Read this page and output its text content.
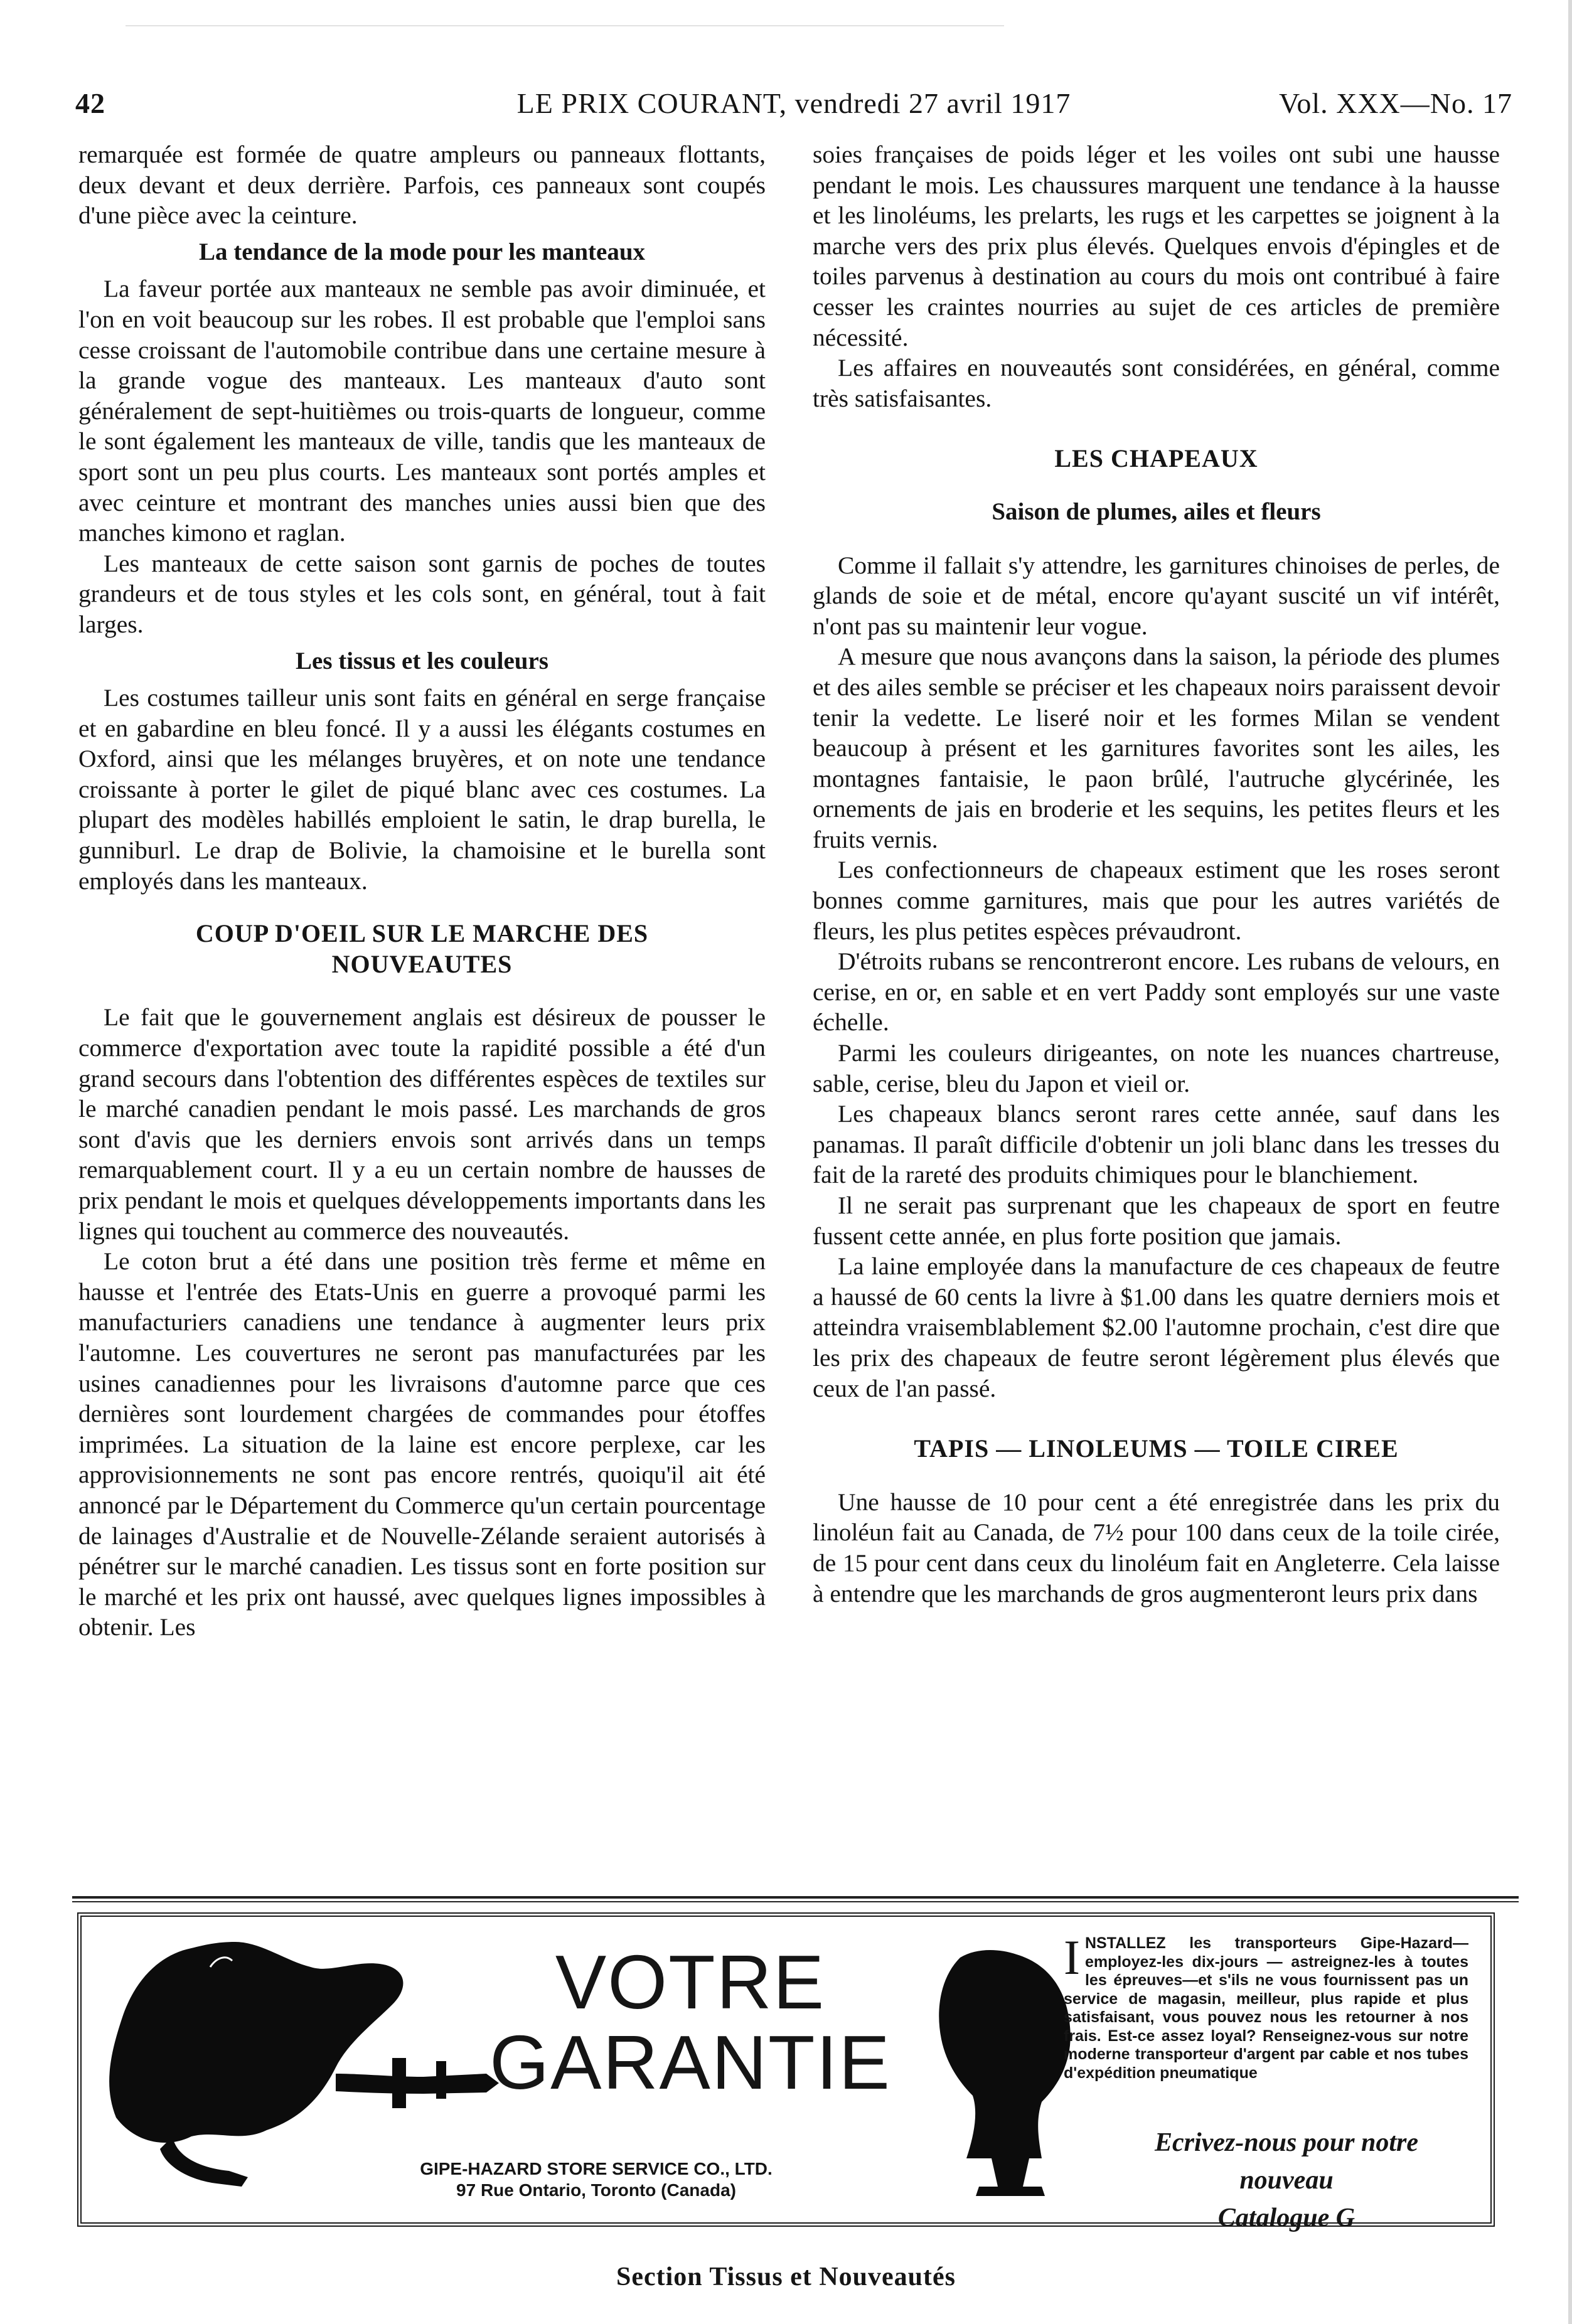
42	LE PRIX COURANT, vendredi 27 avril 1917	Vol. XXX—No. 17

remarquée est formée de quatre ampleurs ou panneaux flottants, deux devant et deux derrière. Parfois, ces panneaux sont coupés d'une pièce avec la ceinture.

La tendance de la mode pour les manteaux

La faveur portée aux manteaux ne semble pas avoir diminuée, et l'on en voit beaucoup sur les robes. Il est probable que l'emploi sans cesse croissant de l'automobile contribue dans une certaine mesure à la grande vogue des manteaux. Les manteaux d'auto sont généralement de sept-huitièmes ou trois-quarts de longueur, comme le sont également les manteaux de ville, tandis que les manteaux de sport sont un peu plus courts. Les manteaux sont portés amples et avec ceinture et montrant des manches unies aussi bien que des manches kimono et raglan.

Les manteaux de cette saison sont garnis de poches de toutes grandeurs et de tous styles et les cols sont, en général, tout à fait larges.

Les tissus et les couleurs

Les costumes tailleur unis sont faits en général en serge française et en gabardine en bleu foncé. Il y a aussi les élégants costumes en Oxford, ainsi que les mélanges bruyères, et on note une tendance croissante à porter le gilet de piqué blanc avec ces costumes. La plupart des modèles habillés emploient le satin, le drap burella, le gunniburl. Le drap de Bolivie, la chamoisine et le burella sont employés dans les manteaux.

COUP D'OEIL SUR LE MARCHE DES NOUVEAUTES

Le fait que le gouvernement anglais est désireux de pousser le commerce d'exportation avec toute la rapidité possible a été d'un grand secours dans l'obtention des différentes espèces de textiles sur le marché canadien pendant le mois passé. Les marchands de gros sont d'avis que les derniers envois sont arrivés dans un temps remarquablement court. Il y a eu un certain nombre de hausses de prix pendant le mois et quelques développements importants dans les lignes qui touchent au commerce des nouveautés.

Le coton brut a été dans une position très ferme et même en hausse et l'entrée des Etats-Unis en guerre a provoqué parmi les manufacturiers canadiens une tendance à augmenter leurs prix l'automne. Les couvertures ne seront pas manufacturées par les usines canadiennes pour les livraisons d'automne parce que ces dernières sont lourdement chargées de commandes pour étoffes imprimées. La situation de la laine est encore perplexe, car les approvisionnements ne sont pas encore rentrés, quoiqu'il ait été annoncé par le Département du Commerce qu'un certain pourcentage de lainages d'Australie et de Nouvelle-Zélande seraient autorisés à pénétrer sur le marché canadien. Les tissus sont en forte position sur le marché et les prix ont haussé, avec quelques lignes impossibles à obtenir. Les

soies françaises de poids léger et les voiles ont subi une hausse pendant le mois. Les chaussures marquent une tendance à la hausse et les linoléums, les prelarts, les rugs et les carpettes se joignent à la marche vers des prix plus élevés. Quelques envois d'épingles et de toiles parvenus à destination au cours du mois ont contribué à faire cesser les craintes nourries au sujet de ces articles de première nécessité.

Les affaires en nouveautés sont considérées, en général, comme très satisfaisantes.

LES CHAPEAUX
Saison de plumes, ailes et fleurs

Comme il fallait s'y attendre, les garnitures chinoises de perles, de glands de soie et de métal, encore qu'ayant suscité un vif intérêt, n'ont pas su maintenir leur vogue.

A mesure que nous avançons dans la saison, la période des plumes et des ailes semble se préciser et les chapeaux noirs paraissent devoir tenir la vedette. Le liseré noir et les formes Milan se vendent beaucoup à présent et les garnitures favorites sont les ailes, les montagnes fantaisie, le paon brûlé, l'autruche glycérinée, les ornements de jais en broderie et les sequins, les petites fleurs et les fruits vernis.

Les confectionneurs de chapeaux estiment que les roses seront bonnes comme garnitures, mais que pour les autres variétés de fleurs, les plus petites espèces prévaudront.

D'étroits rubans se rencontreront encore. Les rubans de velours, en cerise, en or, en sable et en vert Paddy sont employés sur une vaste échelle.

Parmi les couleurs dirigeantes, on note les nuances chartreuse, sable, cerise, bleu du Japon et vieil or.

Les chapeaux blancs seront rares cette année, sauf dans les panamas. Il paraît difficile d'obtenir un joli blanc dans les tresses du fait de la rareté des produits chimiques pour le blanchiement.

Il ne serait pas surprenant que les chapeaux de sport en feutre fussent cette année, en plus forte position que jamais.

La laine employée dans la manufacture de ces chapeaux de feutre a haussé de 60 cents la livre à $1.00 dans les quatre derniers mois et atteindra vraisemblablement $2.00 l'automne prochain, c'est dire que les prix des chapeaux de feutre seront légèrement plus élevés que ceux de l'an passé.

TAPIS — LINOLEUMS — TOILE CIREE

Une hausse de 10 pour cent a été enregistrée dans les prix du linoléun fait au Canada, de 7½ pour 100 dans ceux de la toile cirée, de 15 pour cent dans ceux du linoléum fait en Angleterre. Cela laisse à entendre que les marchands de gros augmenteront leurs prix dans

VOTRE
GARANTIE
GIPE-HAZARD STORE SERVICE CO., LTD.
97 Rue Ontario, Toronto (Canada)
INSTALLEZ les transporteurs Gipe-Hazard—employez-les dix-jours — astreignez-les à toutes les épreuves—et s'ils ne vous fournissent pas un service de magasin, meilleur, plus rapide et plus satisfaisant, vous pouvez nous les retourner à nos frais. Est-ce assez loyal? Renseignez-vous sur notre moderne transporteur d'argent par cable et nos tubes d'expédition pneumatique
Ecrivez-nous pour notre nouveau
Catalogue G
Section Tissus et Nouveautés
